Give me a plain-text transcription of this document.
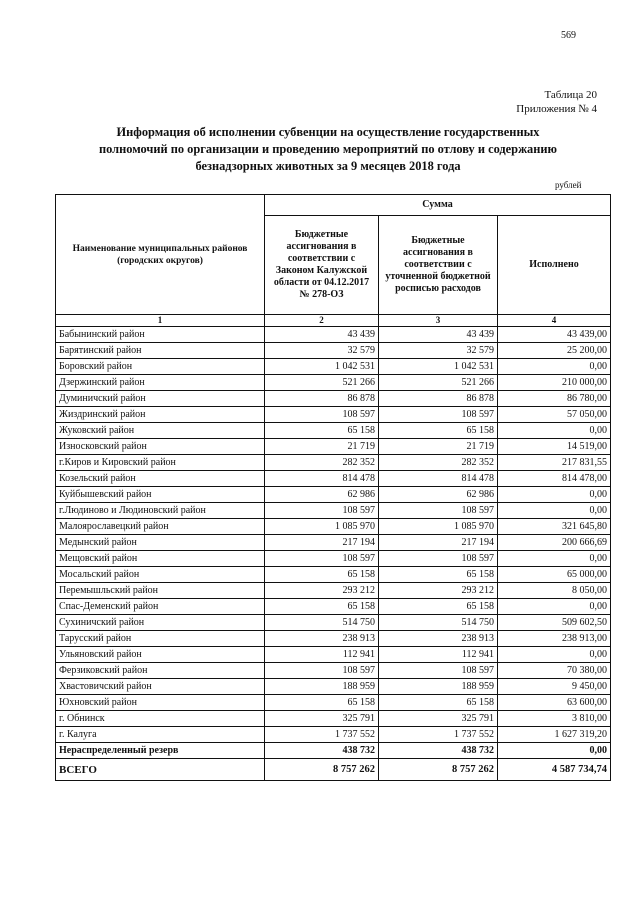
569
Таблица 20
Приложения № 4
Информация об исполнении субвенции на осуществление государственных
полномочий по организации и проведению мероприятий по отлову и содержанию
безнадзорных животных за 9 месяцев 2018 года
рублей
Наименование муниципальных районов (городских округов)	Сумма		
	Бюджетные ассигнования в соответствии с Законом Калужской области от 04.12.2017 № 278-ОЗ	Бюджетные ассигнования в соответствии с уточненной бюджетной росписью расходов	Исполнено
1	2	3	4
Бабынинский район	43 439	43 439	43 439,00
Барятинский район	32 579	32 579	25 200,00
Боровский район	1 042 531	1 042 531	0,00
Дзержинский район	521 266	521 266	210 000,00
Думиничский район	86 878	86 878	86 780,00
Жиздринский район	108 597	108 597	57 050,00
Жуковский район	65 158	65 158	0,00
Износковский район	21 719	21 719	14 519,00
г.Киров и Кировский район	282 352	282 352	217 831,55
Козельский район	814 478	814 478	814 478,00
Куйбышевский район	62 986	62 986	0,00
г.Людиново и Людиновский район	108 597	108 597	0,00
Малоярославецкий район	1 085 970	1 085 970	321 645,80
Медынский район	217 194	217 194	200 666,69
Мещовский район	108 597	108 597	0,00
Мосальский район	65 158	65 158	65 000,00
Перемышльский район	293 212	293 212	8 050,00
Спас-Деменский район	65 158	65 158	0,00
Сухиничский район	514 750	514 750	509 602,50
Тарусский район	238 913	238 913	238 913,00
Ульяновский район	112 941	112 941	0,00
Ферзиковский район	108 597	108 597	70 380,00
Хвастовичский район	188 959	188 959	9 450,00
Юхновский район	65 158	65 158	63 600,00
г. Обнинск	325 791	325 791	3 810,00
г. Калуга	1 737 552	1 737 552	1 627 319,20
Нераспределенный резерв	438 732	438 732	0,00
ВСЕГО	8 757 262	8 757 262	4 587 734,74
